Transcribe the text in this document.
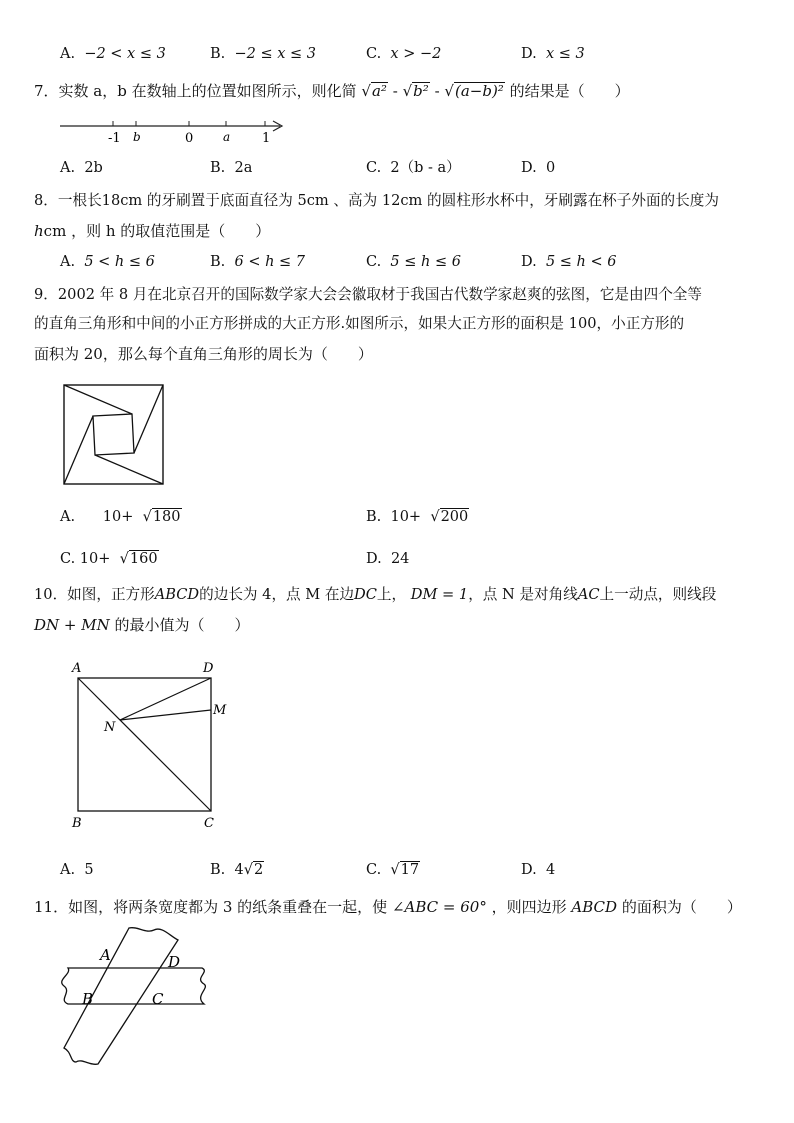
A. −2 < x ≤ 3	B. −2 ≤ x ≤ 3	C. x > −2	D. x ≤ 3
7．实数 a，b 在数轴上的位置如图所示，则化简 √a² - √b² - √(a−b)² 的结果是（　　）
-1 b	0 a 1
A. 2b	B. 2a	C. 2（b - a）	D. 0
8．一根长18cm 的牙刷置于底面直径为 5cm 、高为 12cm 的圆柱形水杯中，牙刷露在杯子外面的长度为
hcm ，则 h 的取值范围是（　　）
A. 5 < h ≤ 6	B. 6 < h ≤ 7	C. 5 ≤ h ≤ 6	D. 5 ≤ h < 6
9．2002 年 8 月在北京召开的国际数学家大会会徽取材于我国古代数学家赵爽的弦图，它是由四个全等
的直角三角形和中间的小正方形拼成的大正方形.如图所示，如果大正方形的面积是 100，小正方形的
面积为 20，那么每个直角三角形的周长为（　　）
A. 10+ √180	B. 10+ √200
C. 10+ √160	D. 24
10．如图，正方形ABCD的边长为 4，点 M 在边DC上， DM = 1，点 N 是对角线AC上一动点，则线段
DN + MN 的最小值为（　　）
A	D
M
N
B	C
A. 5	B. 4√2	C. √17	D. 4
11．如图，将两条宽度都为 3 的纸条重叠在一起，使 ∠ABC = 60° ，则四边形 ABCD 的面积为（　　）
A	D
B	C
